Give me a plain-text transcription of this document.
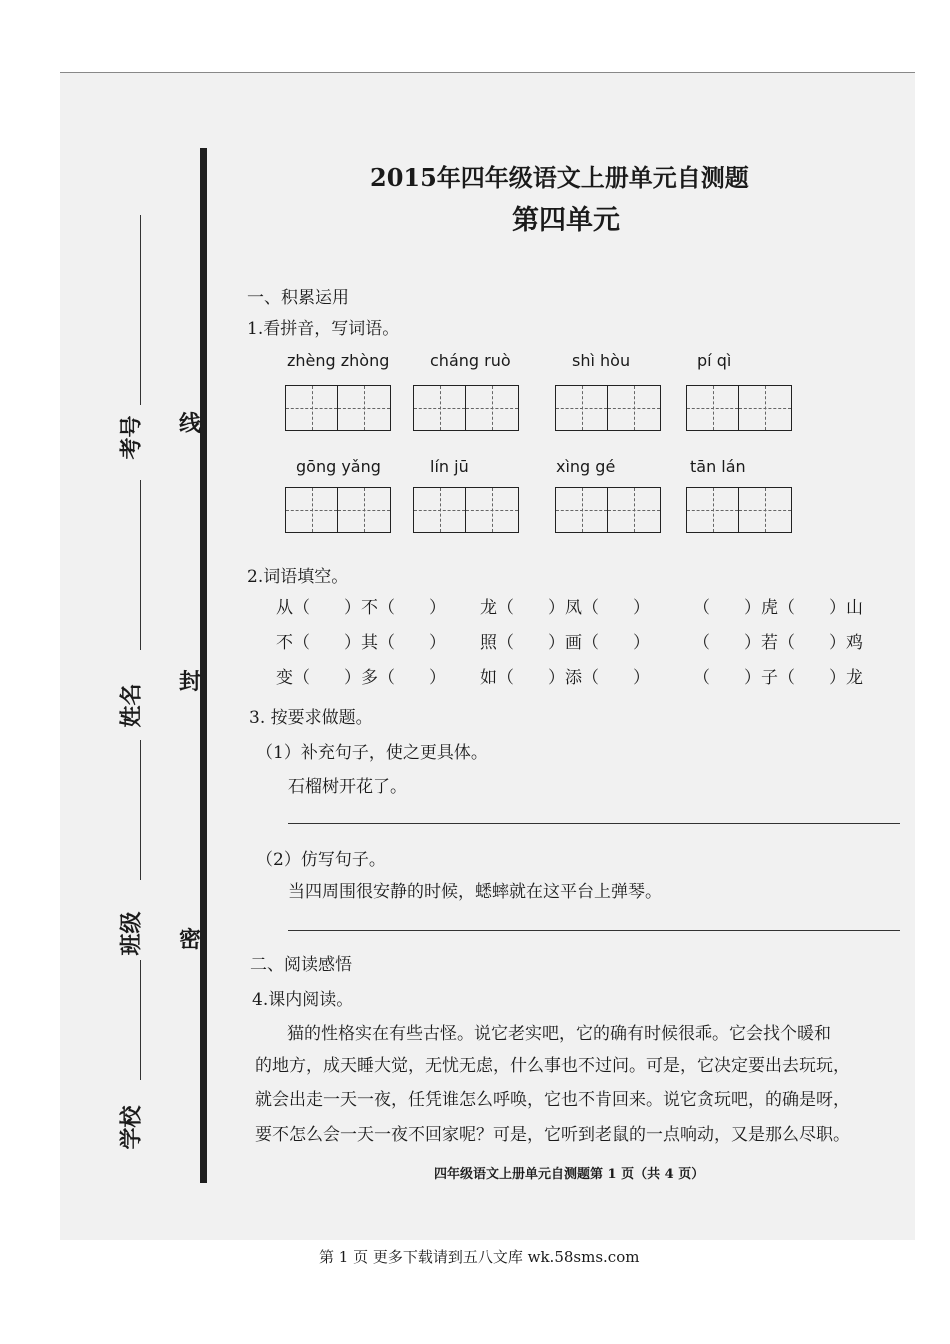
线
封
密
考号
姓名
班级
学校
2015年四年级语文上册单元自测题
第四单元
一、积累运用
1.看拼音，写词语。
zhèng zhòng	cháng ruò	shì hòu	pí qì
gōng yǎng	lín jū	xìng gé	tān lán
2.词语填空。
从（　　）不（　　） 龙（　　）凤（　　）	（　　）虎（　　）山
不（　　）其（　　） 照（　　）画（　　）	（　　）若（　　）鸡
变（　　）多（　　） 如（　　）添（　　）	（　　）子（　　）龙
3. 按要求做题。
（1）补充句子，使之更具体。
石榴树开花了。
（2）仿写句子。
当四周围很安静的时候，蟋蟀就在这平台上弹琴。
二、阅读感悟
4.课内阅读。
猫的性格实在有些古怪。说它老实吧，它的确有时候很乖。它会找个暖和
的地方，成天睡大觉，无忧无虑，什么事也不过问。可是，它决定要出去玩玩，
就会出走一天一夜，任凭谁怎么呼唤，它也不肯回来。说它贪玩吧，的确是呀，
要不怎么会一天一夜不回家呢？可是，它听到老鼠的一点响动，又是那么尽职。
四年级语文上册单元自测题第 1 页（共 4 页）
第 1 页 更多下载请到五八文库 wk.58sms.com
